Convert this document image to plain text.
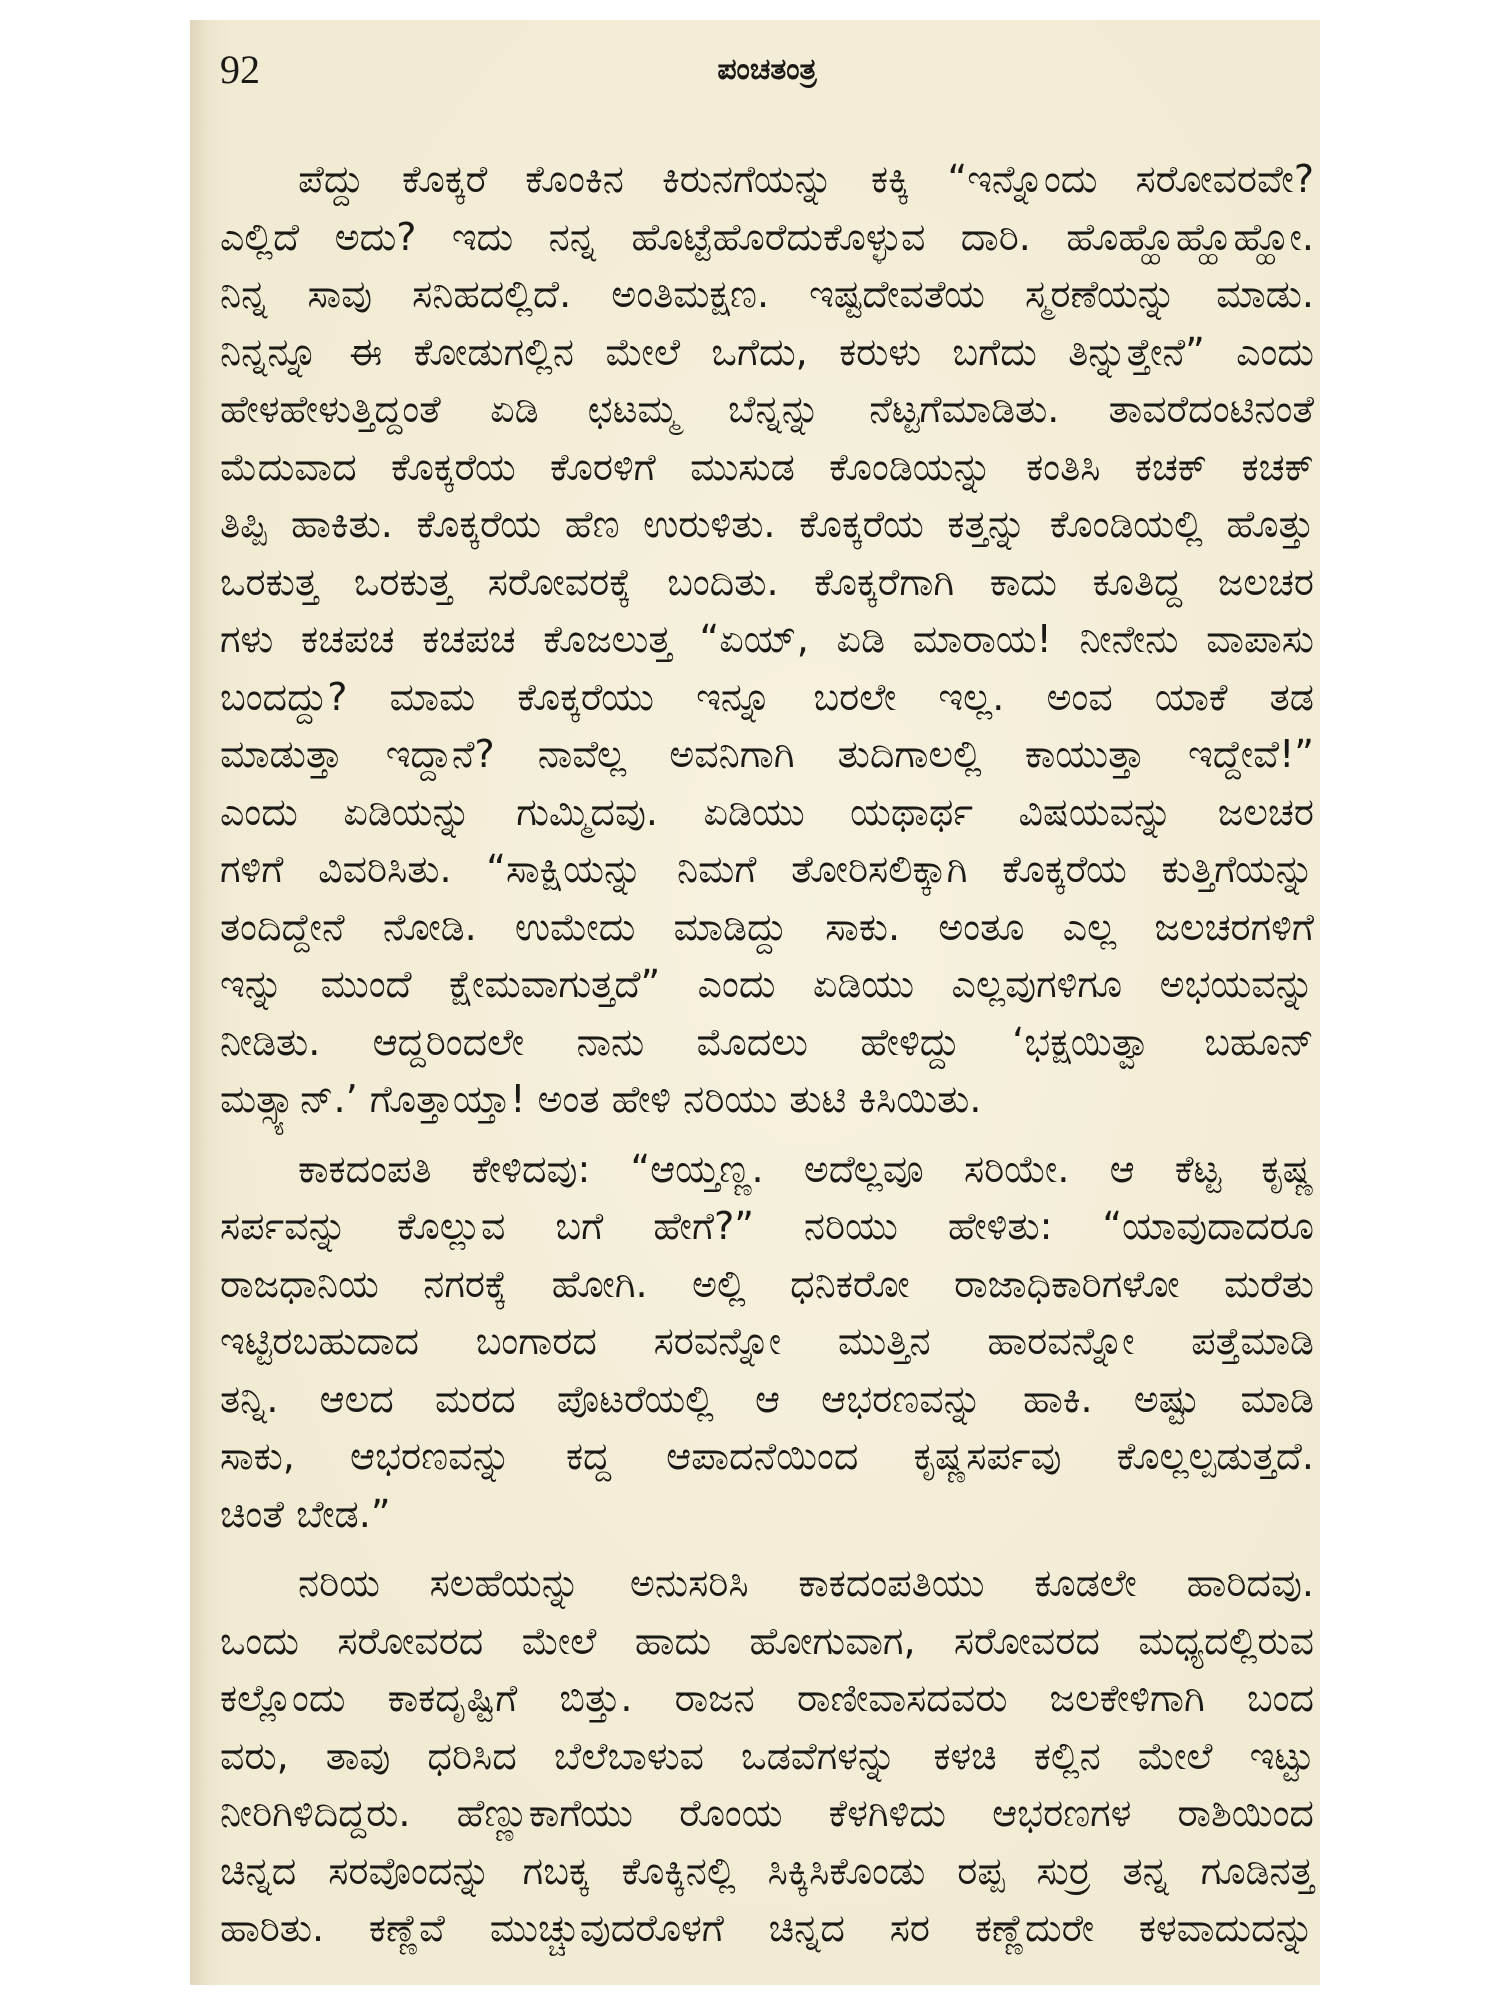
92	ಪಂಚತಂತ್ರ
ಪೆದ್ದು ಕೊಕ್ಕರೆ ಕೊಂಕಿನ ಕಿರುನಗೆಯನ್ನು ಕಕ್ಕಿ “ಇನ್ನೊಂದು ಸರೋವರವೇ?
ಎಲ್ಲಿದೆ ಅದು? ಇದು ನನ್ನ ಹೊಟ್ಟೆಹೊರೆದುಕೊಳ್ಳುವ ದಾರಿ. ಹೊಹ್ಹೊಹ್ಹೊಹ್ಹೋ.
ನಿನ್ನ ಸಾವು ಸನಿಹದಲ್ಲಿದೆ. ಅಂತಿಮಕ್ಷಣ. ಇಷ್ಟದೇವತೆಯ ಸ್ಮರಣೆಯನ್ನು ಮಾಡು.
ನಿನ್ನನ್ನೂ ಈ ಕೋಡುಗಲ್ಲಿನ ಮೇಲೆ ಒಗೆದು, ಕರುಳು ಬಗೆದು ತಿನ್ನುತ್ತೇನೆ” ಎಂದು
ಹೇಳಹೇಳುತ್ತಿದ್ದಂತೆ ಏಡಿ ಛಟಮ್ಮ ಬೆನ್ನನ್ನು ನೆಟ್ಟಗೆಮಾಡಿತು. ತಾವರೆದಂಟಿನಂತೆ
ಮೆದುವಾದ ಕೊಕ್ಕರೆಯ ಕೊರಳಿಗೆ ಮುಸುಡ ಕೊಂಡಿಯನ್ನು ಕಂತಿಸಿ ಕಚಕ್ ಕಚಕ್
ತಿಪ್ಪಿ ಹಾಕಿತು. ಕೊಕ್ಕರೆಯ ಹೆಣ ಉರುಳಿತು. ಕೊಕ್ಕರೆಯ ಕತ್ತನ್ನು ಕೊಂಡಿಯಲ್ಲಿ ಹೊತ್ತು
ಒರಕುತ್ತ ಒರಕುತ್ತ ಸರೋವರಕ್ಕೆ ಬಂದಿತು. ಕೊಕ್ಕರೆಗಾಗಿ ಕಾದು ಕೂತಿದ್ದ ಜಲಚರ
ಗಳು ಕಚಪಚ ಕಚಪಚ ಕೊಜಲುತ್ತ “ಏಯ್, ಏಡಿ ಮಾರಾಯ! ನೀನೇನು ವಾಪಾಸು
ಬಂದದ್ದು? ಮಾಮ ಕೊಕ್ಕರೆಯು ಇನ್ನೂ ಬರಲೇ ಇಲ್ಲ. ಅಂವ ಯಾಕೆ ತಡ
ಮಾಡುತ್ತಾ ಇದ್ದಾನೆ? ನಾವೆಲ್ಲ ಅವನಿಗಾಗಿ ತುದಿಗಾಲಲ್ಲಿ ಕಾಯುತ್ತಾ ಇದ್ದೇವೆ!”
ಎಂದು ಏಡಿಯನ್ನು ಗುಮ್ಮಿದವು. ಏಡಿಯು ಯಥಾರ್ಥ ವಿಷಯವನ್ನು ಜಲಚರ
ಗಳಿಗೆ ವಿವರಿಸಿತು. “ಸಾಕ್ಷಿಯನ್ನು ನಿಮಗೆ ತೋರಿಸಲಿಕ್ಕಾಗಿ ಕೊಕ್ಕರೆಯ ಕುತ್ತಿಗೆಯನ್ನು
ತಂದಿದ್ದೇನೆ ನೋಡಿ. ಉಮೇದು ಮಾಡಿದ್ದು ಸಾಕು. ಅಂತೂ ಎಲ್ಲ ಜಲಚರಗಳಿಗೆ
ಇನ್ನು ಮುಂದೆ ಕ್ಷೇಮವಾಗುತ್ತದೆ” ಎಂದು ಏಡಿಯು ಎಲ್ಲವುಗಳಿಗೂ ಅಭಯವನ್ನು
ನೀಡಿತು. ಆದ್ದರಿಂದಲೇ ನಾನು ಮೊದಲು ಹೇಳಿದ್ದು ‘ಭಕ್ಷಯಿತ್ವಾ ಬಹೂನ್
ಮತ್ಸ್ಯಾನ್.’ ಗೊತ್ತಾಯ್ತಾ! ಅಂತ ಹೇಳಿ ನರಿಯು ತುಟಿ ಕಿಸಿಯಿತು.
ಕಾಕದಂಪತಿ ಕೇಳಿದವು: “ಆಯ್ತಣ್ಣ. ಅದೆಲ್ಲವೂ ಸರಿಯೇ. ಆ ಕೆಟ್ಟ ಕೃಷ್ಣ
ಸರ್ಪವನ್ನು ಕೊಲ್ಲುವ ಬಗೆ ಹೇಗೆ?” ನರಿಯು ಹೇಳಿತು: “ಯಾವುದಾದರೂ
ರಾಜಧಾನಿಯ ನಗರಕ್ಕೆ ಹೋಗಿ. ಅಲ್ಲಿ ಧನಿಕರೋ ರಾಜಾಧಿಕಾರಿಗಳೋ ಮರೆತು
ಇಟ್ಟಿರಬಹುದಾದ ಬಂಗಾರದ ಸರವನ್ನೋ ಮುತ್ತಿನ ಹಾರವನ್ನೋ ಪತ್ತೆಮಾಡಿ
ತನ್ನಿ. ಆಲದ ಮರದ ಪೊಟರೆಯಲ್ಲಿ ಆ ಆಭರಣವನ್ನು ಹಾಕಿ. ಅಷ್ಟು ಮಾಡಿ
ಸಾಕು, ಆಭರಣವನ್ನು ಕದ್ದ ಆಪಾದನೆಯಿಂದ ಕೃಷ್ಣಸರ್ಪವು ಕೊಲ್ಲಲ್ಪಡುತ್ತದೆ.
ಚಿಂತೆ ಬೇಡ.”
ನರಿಯ ಸಲಹೆಯನ್ನು ಅನುಸರಿಸಿ ಕಾಕದಂಪತಿಯು ಕೂಡಲೇ ಹಾರಿದವು.
ಒಂದು ಸರೋವರದ ಮೇಲೆ ಹಾದು ಹೋಗುವಾಗ, ಸರೋವರದ ಮಧ್ಯದಲ್ಲಿರುವ
ಕಲ್ಲೊಂದು ಕಾಕದೃಷ್ಟಿಗೆ ಬಿತ್ತು. ರಾಜನ ರಾಣೀವಾಸದವರು ಜಲಕೇಳಿಗಾಗಿ ಬಂದ
ವರು, ತಾವು ಧರಿಸಿದ ಬೆಲೆಬಾಳುವ ಒಡವೆಗಳನ್ನು ಕಳಚಿ ಕಲ್ಲಿನ ಮೇಲೆ ಇಟ್ಟು
ನೀರಿಗಿಳಿದಿದ್ದರು. ಹೆಣ್ಣುಕಾಗೆಯು ರೊಂಯ ಕೆಳಗಿಳಿದು ಆಭರಣಗಳ ರಾಶಿಯಿಂದ
ಚಿನ್ನದ ಸರವೊಂದನ್ನು ಗಬಕ್ಕ ಕೊಕ್ಕಿನಲ್ಲಿ ಸಿಕ್ಕಿಸಿಕೊಂಡು ರಪ್ಪ ಸುರ್ರ ತನ್ನ ಗೂಡಿನತ್ತ
ಹಾರಿತು. ಕಣ್ಣೆವೆ ಮುಚ್ಚುವುದರೊಳಗೆ ಚಿನ್ನದ ಸರ ಕಣ್ಣೆದುರೇ ಕಳವಾದುದನ್ನು
